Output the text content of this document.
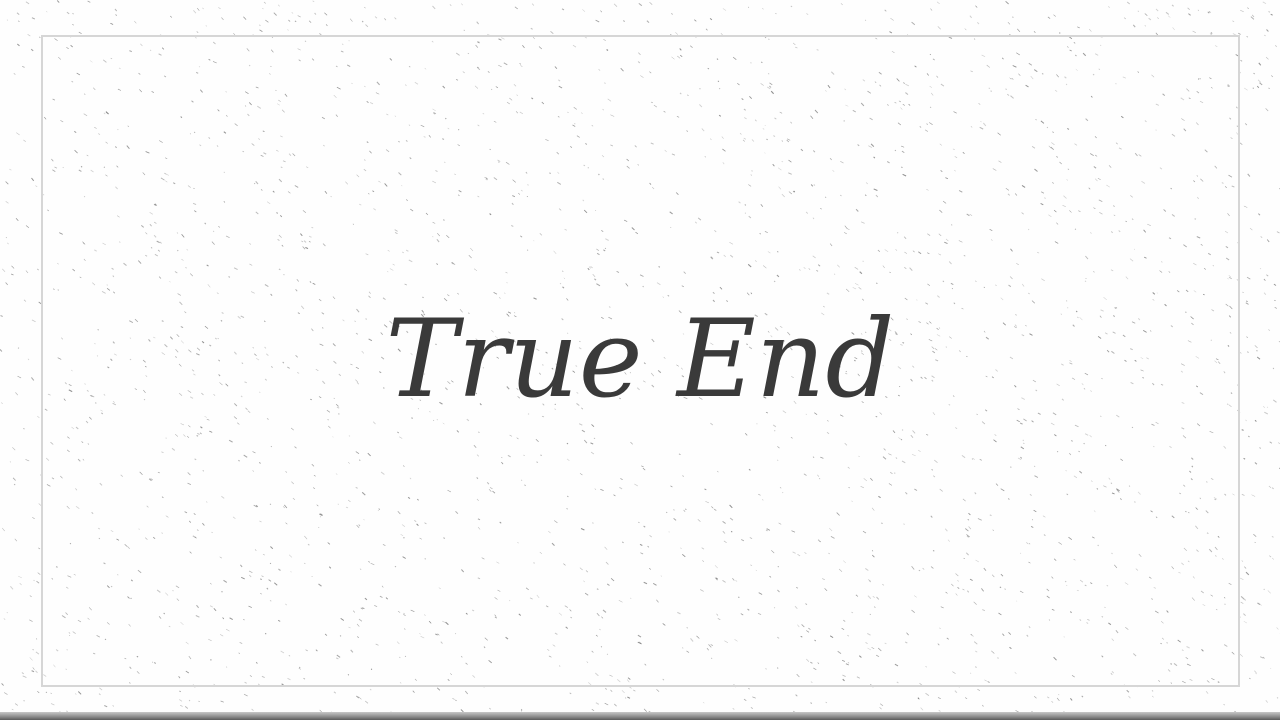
True End
